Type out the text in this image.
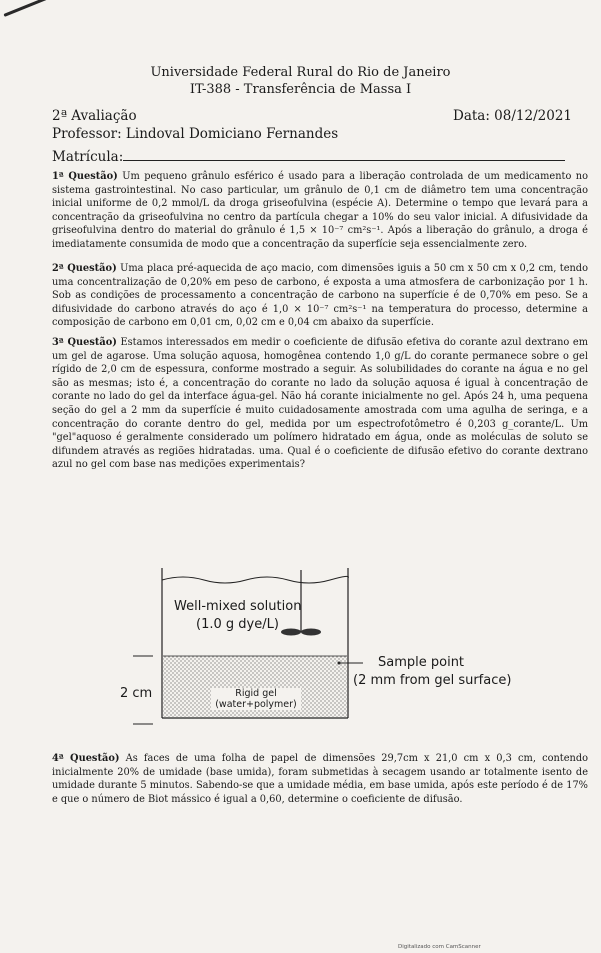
Universidade Federal Rural do Rio de Janeiro
IT-388 - Transferência de Massa I
2ª Avaliação	Data: 08/12/2021
Professor: Lindoval Domiciano Fernandes
Matrícula:
1ª Questão) Um pequeno grânulo esférico é usado para a liberação controlada de um medicamento no sistema gastrointestinal. No caso particular, um grânulo de 0,1 cm de diâmetro tem uma concentração inicial uniforme de 0,2 mmol/L da droga griseofulvina (espécie A). Determine o tempo que levará para a concentração da griseofulvina no centro da partícula chegar a 10% do seu valor inicial. A difusividade da griseofulvina dentro do material do grânulo é 1,5 × 10⁻⁷ cm²s⁻¹. Após a liberação do grânulo, a droga é imediatamente consumida de modo que a concentração da superfície seja essencialmente zero.
2ª Questão) Uma placa pré-aquecida de aço macio, com dimensões iguis a 50 cm x 50 cm x 0,2 cm, tendo uma concentralização de 0,20% em peso de carbono, é exposta a uma atmosfera de carbonização por 1 h. Sob as condições de processamento a concentração de carbono na superfície é de 0,70% em peso. Se a difusividade do carbono através do aço é 1,0 × 10⁻⁷ cm²s⁻¹ na temperatura do processo, determine a composição de carbono em 0,01 cm, 0,02 cm e 0,04 cm abaixo da superfície.
3ª Questão) Estamos interessados em medir o coeficiente de difusão efetiva do corante azul dextrano em um gel de agarose. Uma solução aquosa, homogênea contendo 1,0 g/L do corante permanece sobre o gel rígido de 2,0 cm de espessura, conforme mostrado a seguir. As solubilidades do corante na água e no gel são as mesmas; isto é, a concentração do corante no lado da solução aquosa é igual à concentração de corante no lado do gel da interface água-gel. Não há corante inicialmente no gel. Após 24 h, uma pequena seção do gel a 2 mm da superfície é muito cuidadosamente amostrada com uma agulha de seringa, e a concentração do corante dentro do gel, medida por um espectrofotômetro é 0,203 g_corante/L. Um "gel"aquoso é geralmente considerado um polímero hidratado em água, onde as moléculas de soluto se difundem através as regiões hidratadas. uma. Qual é o coeficiente de difusão efetivo do corante dextrano azul no gel com base nas medições experimentais?
Well-mixed solution
(1.0 g dye/L)
Sample point
(2 mm from gel surface)
2 cm	Rigid gel
(water+polymer)
4ª Questão) As faces de uma folha de papel de dimensões 29,7cm x 21,0 cm x 0,3 cm, contendo inicialmente 20% de umidade (base umida), foram submetidas à secagem usando ar totalmente isento de umidade durante 5 minutos. Sabendo-se que a umidade média, em base umida, após este período é de 17% e que o número de Biot mássico é igual a 0,60, determine o coeficiente de difusão.
Digitalizado com CamScanner
